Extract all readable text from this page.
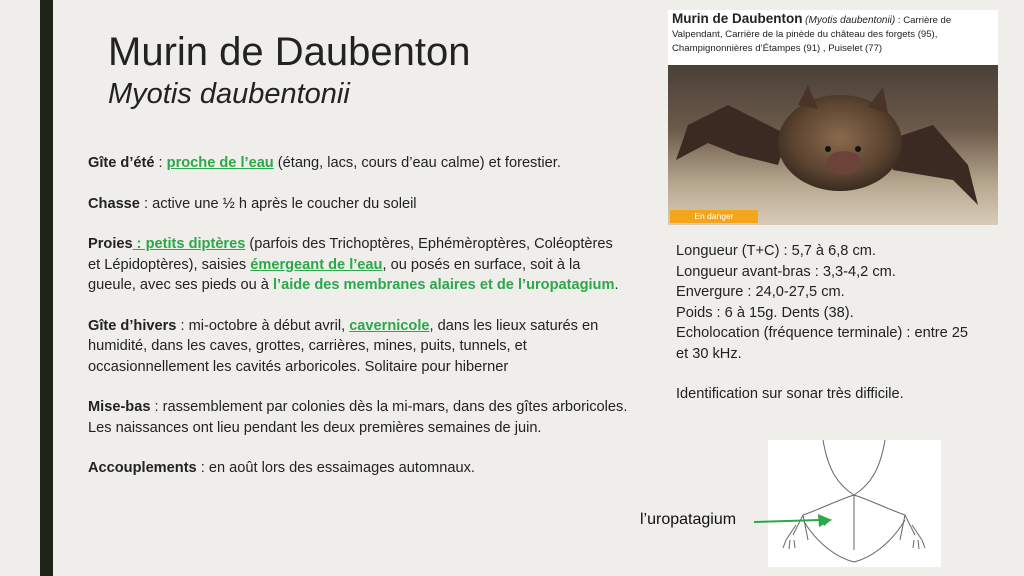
Murin de Daubenton
Myotis daubentonii

Gîte d’été : proche de l’eau (étang, lacs, cours d’eau calme) et forestier.

Chasse : active une ½ h après le coucher du soleil

Proies : petits diptères (parfois des Trichoptères, Ephémèroptères, Coléoptères et Lépidoptères), saisies émergeant de l’eau, ou posés en surface, soit à la gueule, avec ses pieds ou à l’aide des membranes alaires et de l’uropatagium.

Gîte d’hivers : mi-octobre à début avril, cavernicole, dans les lieux saturés en humidité, dans les caves, grottes, carrières, mines, puits, tunnels, et occasionnellement les cavités arboricoles. Solitaire pour hiberner

Mise-bas : rassemblement par colonies dès la mi-mars, dans des gîtes arboricoles. Les naissances ont lieu pendant les deux premières semaines de juin.

Accouplements : en août lors des essaimages automnaux.

Murin de Daubenton (Myotis daubentonii) : Carrière de Valpendant, Carrière de la pinède du château des forgets (95), Champignonnières d’Étampes (91) , Puiselet (77)
En danger
Longueur (T+C) : 5,7 à 6,8 cm.
Longueur avant-bras : 3,3-4,2 cm.
Envergure : 24,0-27,5 cm.
Poids : 6 à 15g. Dents (38).
Echolocation (fréquence terminale) : entre 25 et 30 kHz.
Identification sur sonar très difficile.
l’uropatagium
